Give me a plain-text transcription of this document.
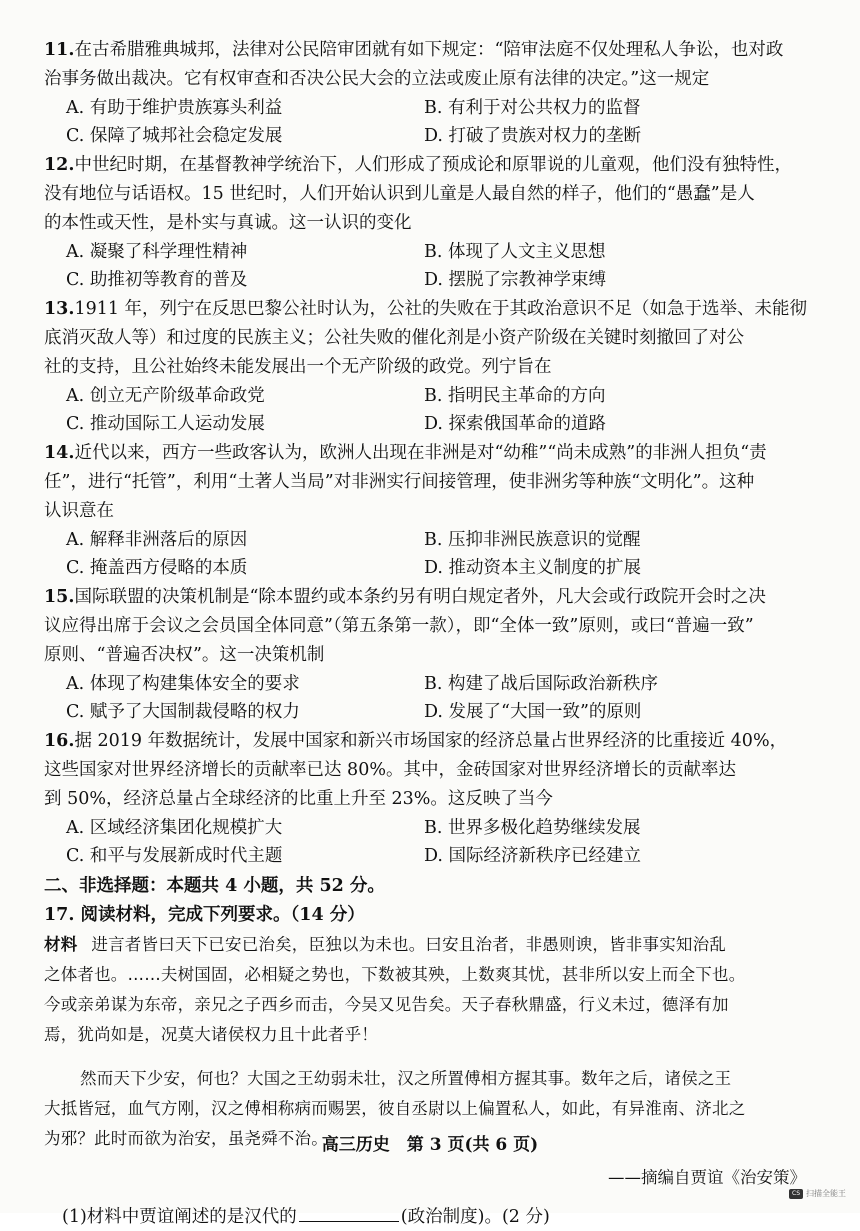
11.在古希腊雅典城邦，法律对公民陪审团就有如下规定：“陪审法庭不仅处理私人争讼，也对政
治事务做出裁决。它有权审查和否决公民大会的立法或废止原有法律的决定。”这一规定
A. 有助于维护贵族寡头利益	B. 有利于对公共权力的监督
C. 保障了城邦社会稳定发展	D. 打破了贵族对权力的垄断
12.中世纪时期，在基督教神学统治下，人们形成了预成论和原罪说的儿童观，他们没有独特性，
没有地位与话语权。15 世纪时，人们开始认识到儿童是人最自然的样子，他们的“愚蠢”是人
的本性或天性，是朴实与真诚。这一认识的变化
A. 凝聚了科学理性精神	B. 体现了人文主义思想
C. 助推初等教育的普及	D. 摆脱了宗教神学束缚
13.1911 年，列宁在反思巴黎公社时认为，公社的失败在于其政治意识不足（如急于选举、未能彻
底消灭敌人等）和过度的民族主义；公社失败的催化剂是小资产阶级在关键时刻撤回了对公
社的支持，且公社始终未能发展出一个无产阶级的政党。列宁旨在
A. 创立无产阶级革命政党	B. 指明民主革命的方向
C. 推动国际工人运动发展	D. 探索俄国革命的道路
14.近代以来，西方一些政客认为，欧洲人出现在非洲是对“幼稚”“尚未成熟”的非洲人担负“责
任”，进行“托管”，利用“土著人当局”对非洲实行间接管理，使非洲劣等种族“文明化”。这种
认识意在
A. 解释非洲落后的原因	B. 压抑非洲民族意识的觉醒
C. 掩盖西方侵略的本质	D. 推动资本主义制度的扩展
15.国际联盟的决策机制是“除本盟约或本条约另有明白规定者外，凡大会或行政院开会时之决
议应得出席于会议之会员国全体同意”（第五条第一款），即“全体一致”原则，或曰“普遍一致”
原则、“普遍否决权”。这一决策机制
A. 体现了构建集体安全的要求	B. 构建了战后国际政治新秩序
C. 赋予了大国制裁侵略的权力	D. 发展了“大国一致”的原则
16.据 2019 年数据统计，发展中国家和新兴市场国家的经济总量占世界经济的比重接近 40%，
这些国家对世界经济增长的贡献率已达 80%。其中，金砖国家对世界经济增长的贡献率达
到 50%，经济总量占全球经济的比重上升至 23%。这反映了当今
A. 区域经济集团化规模扩大	B. 世界多极化趋势继续发展
C. 和平与发展新成时代主题	D. 国际经济新秩序已经建立
二、非选择题：本题共 4 小题，共 52 分。
17. 阅读材料，完成下列要求。（14 分）
材料 进言者皆曰天下已安已治矣，臣独以为未也。曰安且治者，非愚则谀，皆非事实知治乱
之体者也。……夫树国固，必相疑之势也，下数被其殃，上数爽其忧，甚非所以安上而全下也。
今或亲弟谋为东帝，亲兄之子西乡而击，今吴又见告矣。天子春秋鼎盛，行义未过，德泽有加
焉，犹尚如是，况莫大诸侯权力且十此者乎！
然而天下少安，何也？大国之王幼弱未壮，汉之所置傅相方握其事。数年之后，诸侯之王
大抵皆冠，血气方刚，汉之傅相称病而赐罢，彼自丞尉以上偏置私人，如此，有异淮南、济北之
为邪？此时而欲为治安，虽尧舜不治。
——摘编自贾谊《治安策》
(1)材料中贾谊阐述的是汉代的	(政治制度)。(2 分)
高三历史　第 3 页(共 6 页)
CS 扫描全能王
